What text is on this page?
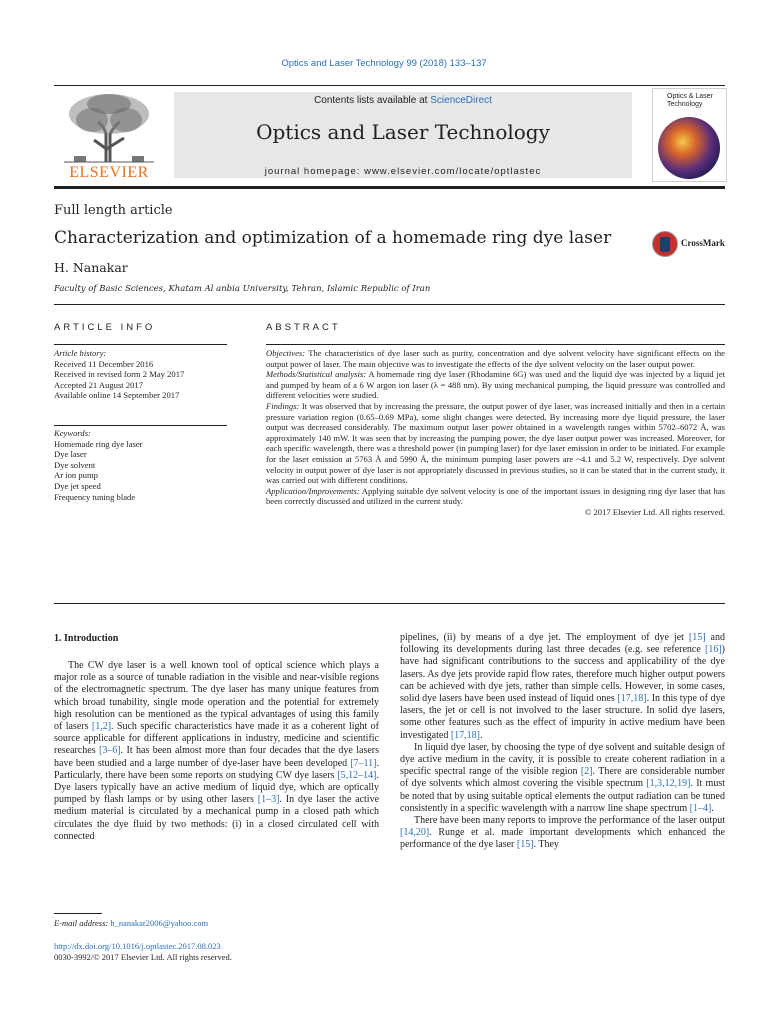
Optics and Laser Technology 99 (2018) 133–137
ELSEVIER
Contents lists available at ScienceDirect
Optics and Laser Technology
journal homepage: www.elsevier.com/locate/optlastec
Optics & Laser
Technology
Full length article
Characterization and optimization of a homemade ring dye laser	CrossMark
H. Nanakar
Faculty of Basic Sciences, Khatam Al anbia University, Tehran, Islamic Republic of Iran
ARTICLE INFO	ABSTRACT
Article history:
Received 11 December 2016
Received in revised form 2 May 2017
Accepted 21 August 2017
Available online 14 September 2017
Keywords:
Homemade ring dye laser
Dye laser
Dye solvent
Ar ion pump
Dye jet speed
Frequency tuning blade

Objectives: The characteristics of dye laser such as purity, concentration and dye solvent velocity have significant effects on the output power of laser. The main objective was to investigate the effects of the dye solvent velocity on the laser output power.

Methods/Statistical analysis: A homemade ring dye laser (Rhodamine 6G) was used and the liquid dye was injected by a liquid jet and pumped by beam of a 6 W argon ion laser (λ = 488 nm). By using mechanical pumping, the liquid pressure was controlled and different velocities were studied.

Findings: It was observed that by increasing the pressure, the output power of dye laser, was increased initially and then in a certain pressure variation region (0.65–0.69 MPa), some slight changes were detected. By increasing more dye liquid pressure, the laser output was decreased considerably. The maximum output laser power obtained in a wavelength ranges within 5702–6072 Å, was approximately 140 mW. It was seen that by increasing the pumping power, the dye laser output power was increased. Moreover, for each specific wavelength, there was a threshold power (in pumping laser) for dye laser emission in order to be initiated. For example for the laser emission at 5763 Å and 5990 Å, the minimum pumping laser powers are ~4.1 and 5.2 W, respectively. Dye solvent velocity in output power of dye laser is not appropriately discussed in previous studies, so it can be stated that in the current study, it was carried out with different conditions.

Application/Improvements: Applying suitable dye solvent velocity is one of the important issues in designing ring dye laser that has been correctly discussed and utilized in the current study.

© 2017 Elsevier Ltd. All rights reserved.

1. Introduction

The CW dye laser is a well known tool of optical science which plays a major role as a source of tunable radiation in the visible and near-visible regions of the electromagnetic spectrum. The dye laser has many unique features from which broad tunability, single mode operation and the potential for extremely high resolution can be mentioned as the typical advantages of using this family of lasers [1,2]. Such specific characteristics have made it as a coherent light of source applicable for different applications in industry, medicine and scientific researches [3–6]. It has been almost more than four decades that the dye lasers have been studied and a large number of dye-laser have been developed [7–11]. Particularly, there have been some reports on studying CW dye lasers [5,12–14]. Dye lasers typically have an active medium of liquid dye, which are optically pumped by flash lamps or by using other lasers [1–3]. In dye laser the active medium material is circulated by a mechanical pump in a closed path which circulates the dye fluid by two methods: (i) in a closed circulated cell with connected

pipelines, (ii) by means of a dye jet. The employment of dye jet [15] and following its developments during last three decades (e.g. see reference [16]) have had significant contributions to the success and applicability of the dye lasers. As dye jets provide rapid flow rates, therefore much higher output powers can be achieved with dye jets, rather than simple cells. However, in some cases, solid dye lasers have been used instead of liquid ones [17,18]. In this type of dye lasers, the jet or cell is not involved to the laser structure. In solid dye lasers, some other features such as the effect of impurity in active medium have been investigated [17,18].

In liquid dye laser, by choosing the type of dye solvent and suitable design of dye active medium in the cavity, it is possible to create coherent radiation in a specific spectral range of the visible region [2]. There are considerable number of dye solvents which almost covering the visible spectrum [1,3,12,19]. It must be noted that by using suitable optical elements the output radiation can be tuned consistently in a specific wavelength with a narrow line shape spectrum [1–4].

There have been many reports to improve the performance of the laser output [14,20]. Runge et al. made important developments which enhanced the performance of the dye laser [15]. They

E-mail address: h_nanakar2006@yahoo.com
http://dx.doi.org/10.1016/j.optlastec.2017.08.023
0030-3992/© 2017 Elsevier Ltd. All rights reserved.
